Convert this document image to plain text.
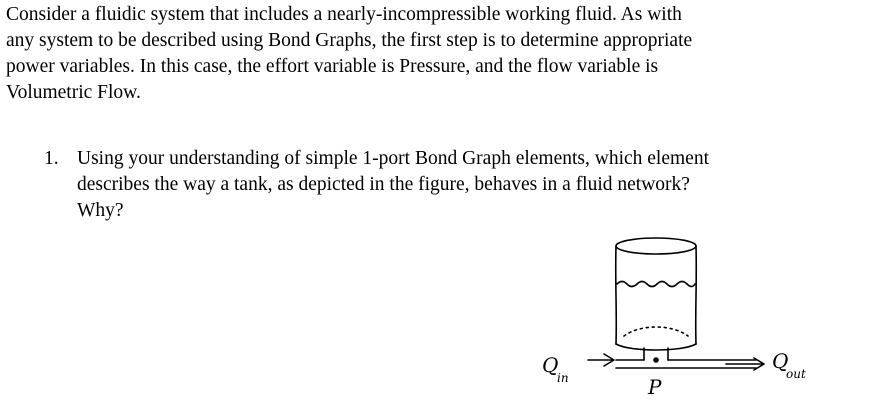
Consider a fluidic system that includes a nearly-incompressible working fluid. As with
any system to be described using Bond Graphs, the first step is to determine appropriate
power variables. In this case, the effort variable is Pressure, and the flow variable is
Volumetric Flow.

1. Using your understanding of simple 1-port Bond Graph elements, which element
describes the way a tank, as depicted in the figure, behaves in a fluid network?
Why?
Q
in
Q
out
P
